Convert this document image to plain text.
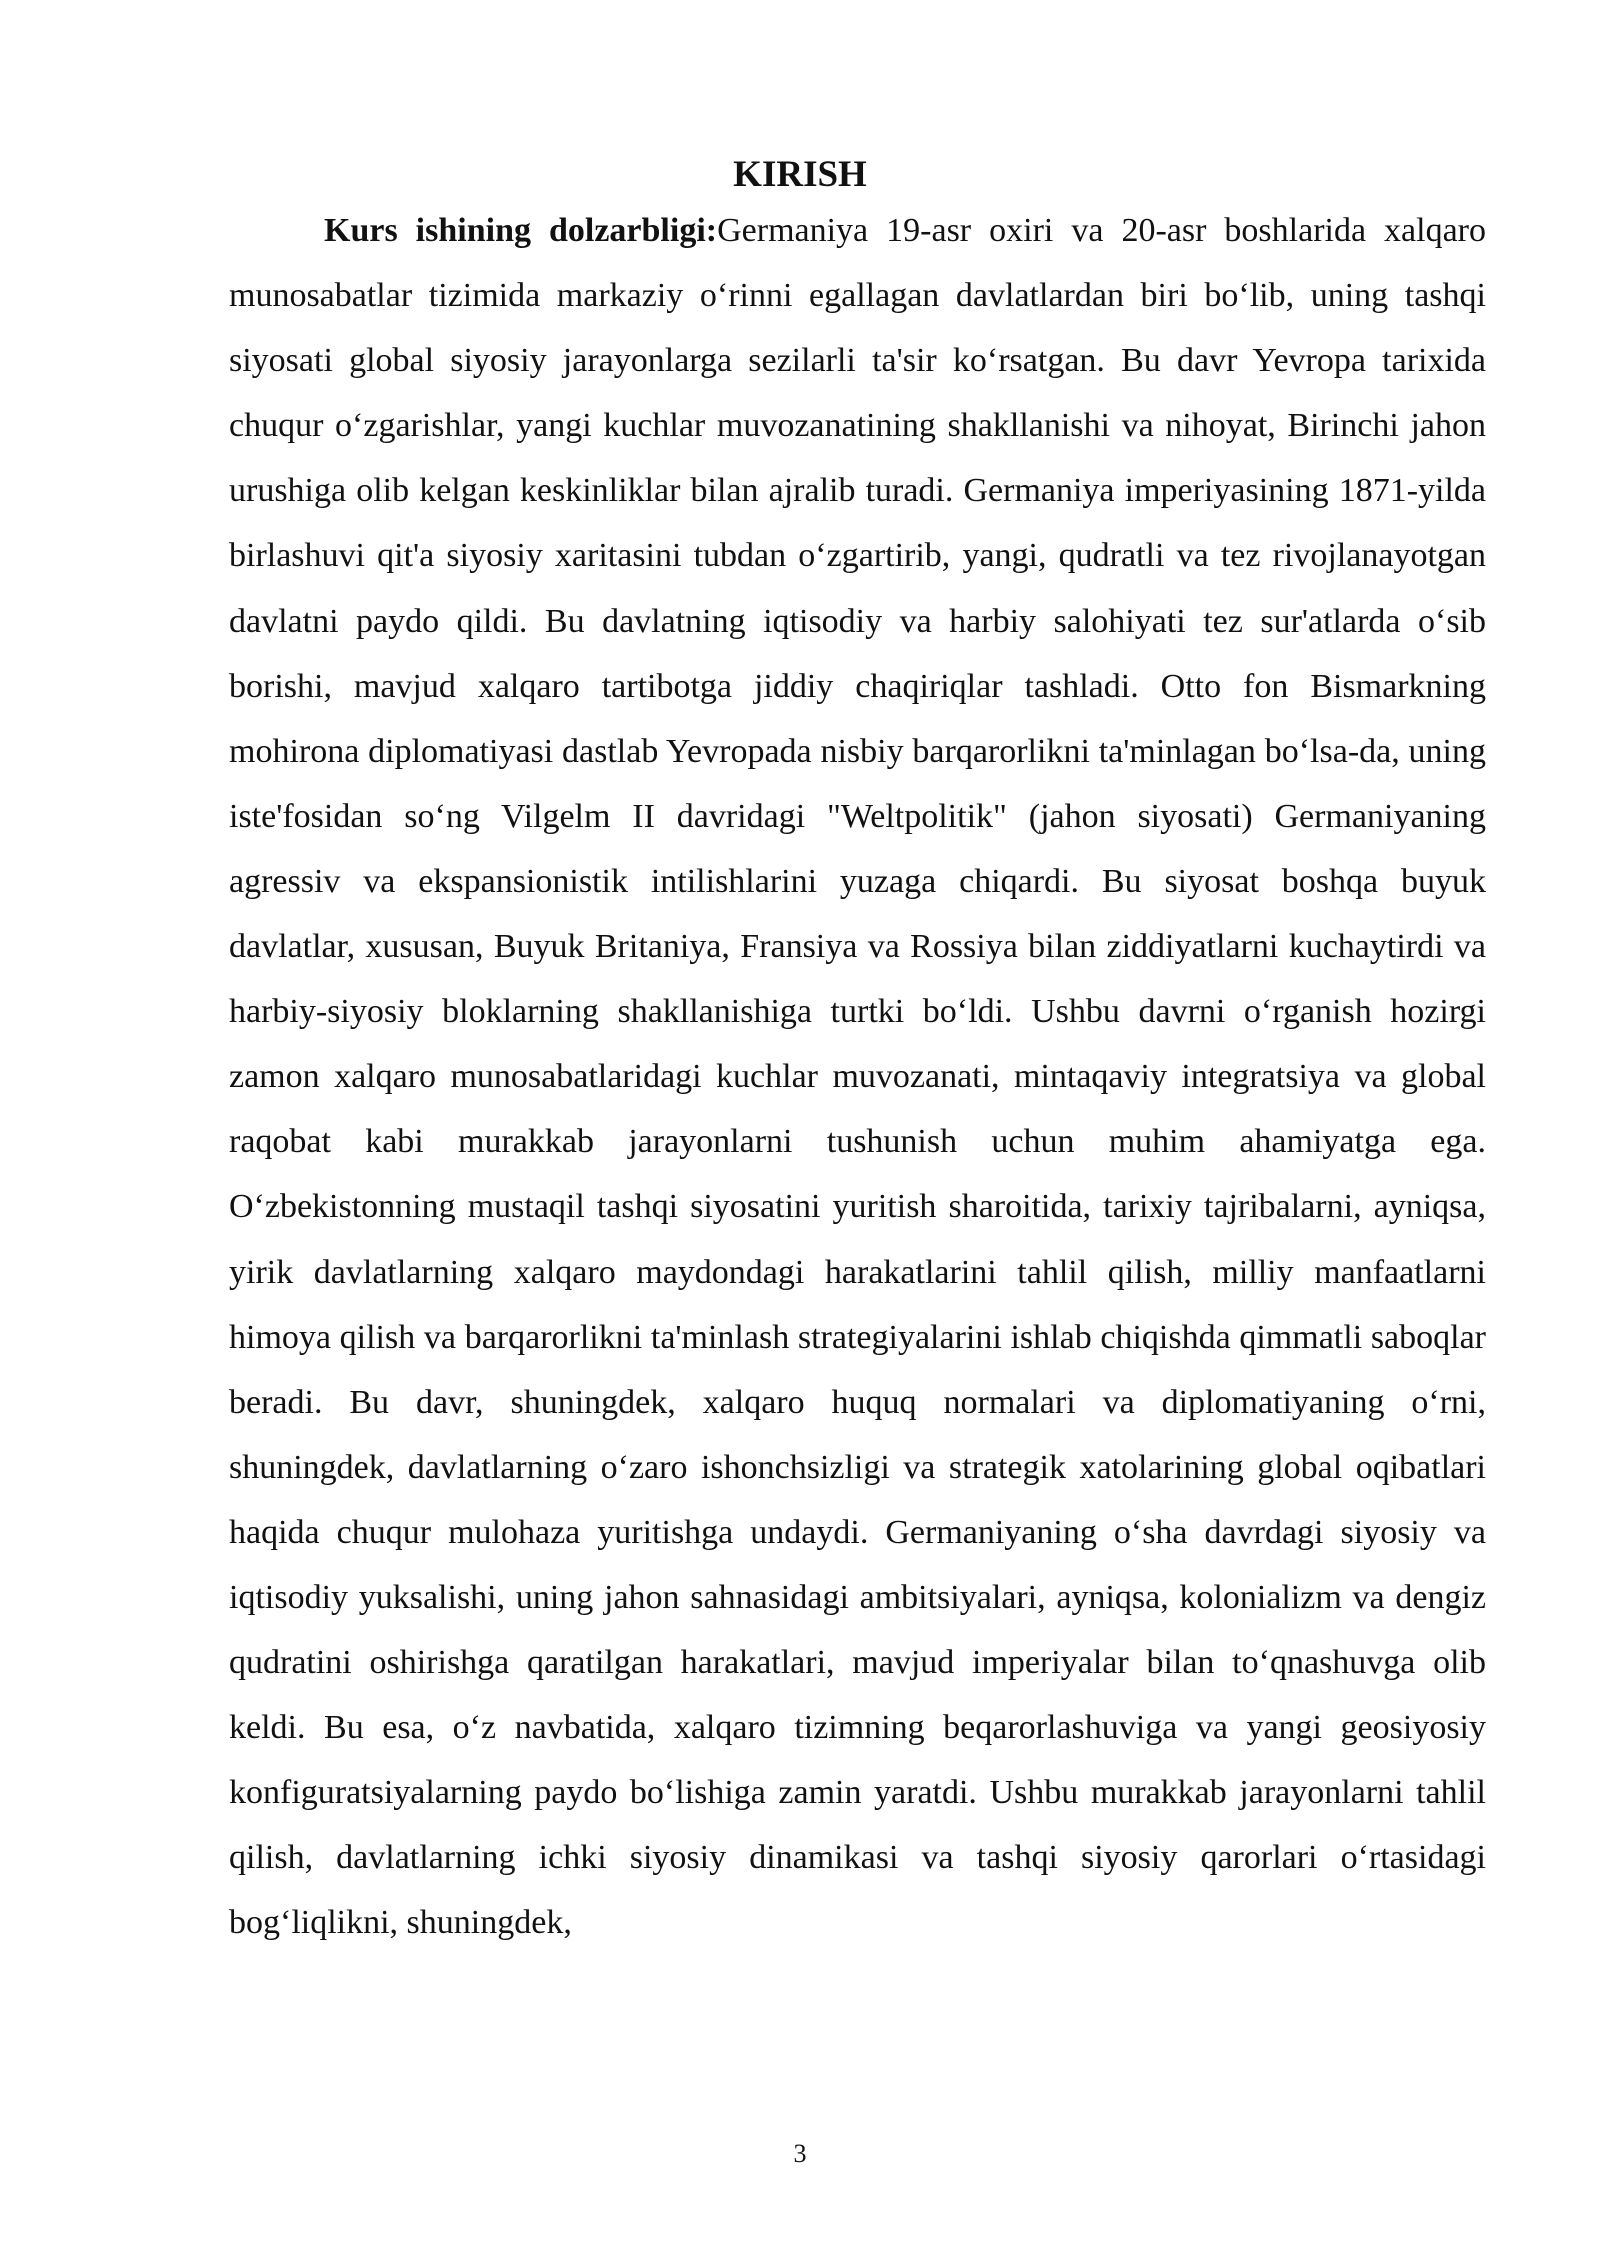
KIRISH

Kurs ishining dolzarbligi:Germaniya 19-asr oxiri va 20-asr boshlarida xalqaro munosabatlar tizimida markaziy o‘rinni egallagan davlatlardan biri bo‘lib, uning tashqi siyosati global siyosiy jarayonlarga sezilarli ta'sir ko‘rsatgan. Bu davr Yevropa tarixida chuqur o‘zgarishlar, yangi kuchlar muvozanatining shakllanishi va nihoyat, Birinchi jahon urushiga olib kelgan keskinliklar bilan ajralib turadi. Germaniya imperiyasining 1871-yilda birlashuvi qit'a siyosiy xaritasini tubdan o‘zgartirib, yangi, qudratli va tez rivojlanayotgan davlatni paydo qildi. Bu davlatning iqtisodiy va harbiy salohiyati tez sur'atlarda o‘sib borishi, mavjud xalqaro tartibotga jiddiy chaqiriqlar tashladi. Otto fon Bismarkning mohirona diplomatiyasi dastlab Yevropada nisbiy barqarorlikni ta'minlagan bo‘lsa-da, uning iste'fosidan so‘ng Vilgelm II davridagi "Weltpolitik" (jahon siyosati) Germaniyaning agressiv va ekspansionistik intilishlarini yuzaga chiqardi. Bu siyosat boshqa buyuk davlatlar, xususan, Buyuk Britaniya, Fransiya va Rossiya bilan ziddiyatlarni kuchaytirdi va harbiy-siyosiy bloklarning shakllanishiga turtki bo‘ldi. Ushbu davrni o‘rganish hozirgi zamon xalqaro munosabatlaridagi kuchlar muvozanati, mintaqaviy integratsiya va global raqobat kabi murakkab jarayonlarni tushunish uchun muhim ahamiyatga ega. O‘zbekistonning mustaqil tashqi siyosatini yuritish sharoitida, tarixiy tajribalarni, ayniqsa, yirik davlatlarning xalqaro maydondagi harakatlarini tahlil qilish, milliy manfaatlarni himoya qilish va barqarorlikni ta'minlash strategiyalarini ishlab chiqishda qimmatli saboqlar beradi. Bu davr, shuningdek, xalqaro huquq normalari va diplomatiyaning o‘rni, shuningdek, davlatlarning o‘zaro ishonchsizligi va strategik xatolarining global oqibatlari haqida chuqur mulohaza yuritishga undaydi. Germaniyaning o‘sha davrdagi siyosiy va iqtisodiy yuksalishi, uning jahon sahnasidagi ambitsiyalari, ayniqsa, kolonializm va dengiz qudratini oshirishga qaratilgan harakatlari, mavjud imperiyalar bilan to‘qnashuvga olib keldi. Bu esa, o‘z navbatida, xalqaro tizimning beqarorlashuviga va yangi geosiyosiy konfiguratsiyalarning paydo bo‘lishiga zamin yaratdi. Ushbu murakkab jarayonlarni tahlil qilish, davlatlarning ichki siyosiy dinamikasi va tashqi siyosiy qarorlari o‘rtasidagi bog‘liqlikni, shuningdek,

3
